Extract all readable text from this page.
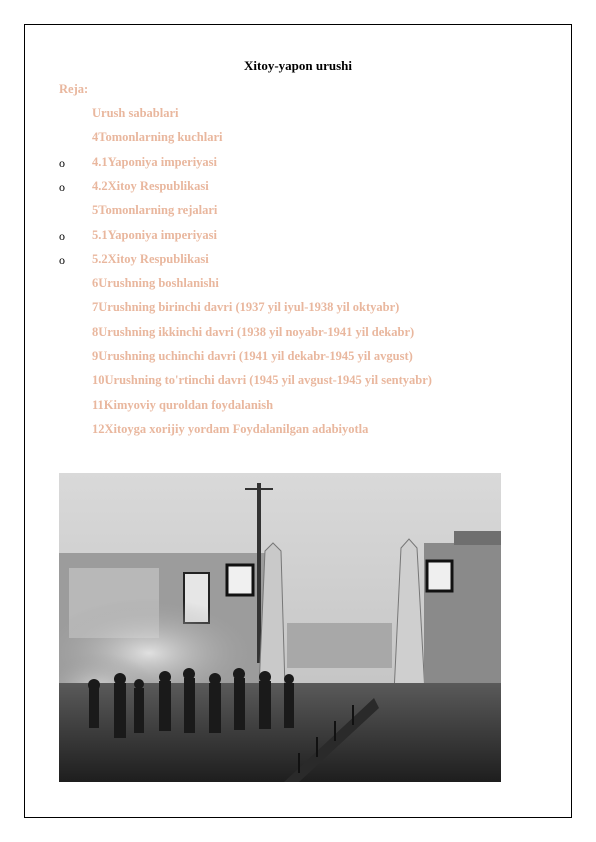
Xitoy-yapon urushi
Reja:
Urush sabablari
4Tomonlarning kuchlari
o 4.1Yaponiya imperiyasi
o 4.2Xitoy Respublikasi
5Tomonlarning rejalari
o 5.1Yaponiya imperiyasi
o 5.2Xitoy Respublikasi
6Urushning boshlanishi
7Urushning birinchi davri (1937 yil iyul-1938 yil oktyabr)
8Urushning ikkinchi davri (1938 yil noyabr-1941 yil dekabr)
9Urushning uchinchi davri (1941 yil dekabr-1945 yil avgust)
10Urushning to'rtinchi davri (1945 yil avgust-1945 yil sentyabr)
11Kimyoviy quroldan foydalanish
12Xitoyga xorijiy yordam Foydalanilgan adabiyotla
